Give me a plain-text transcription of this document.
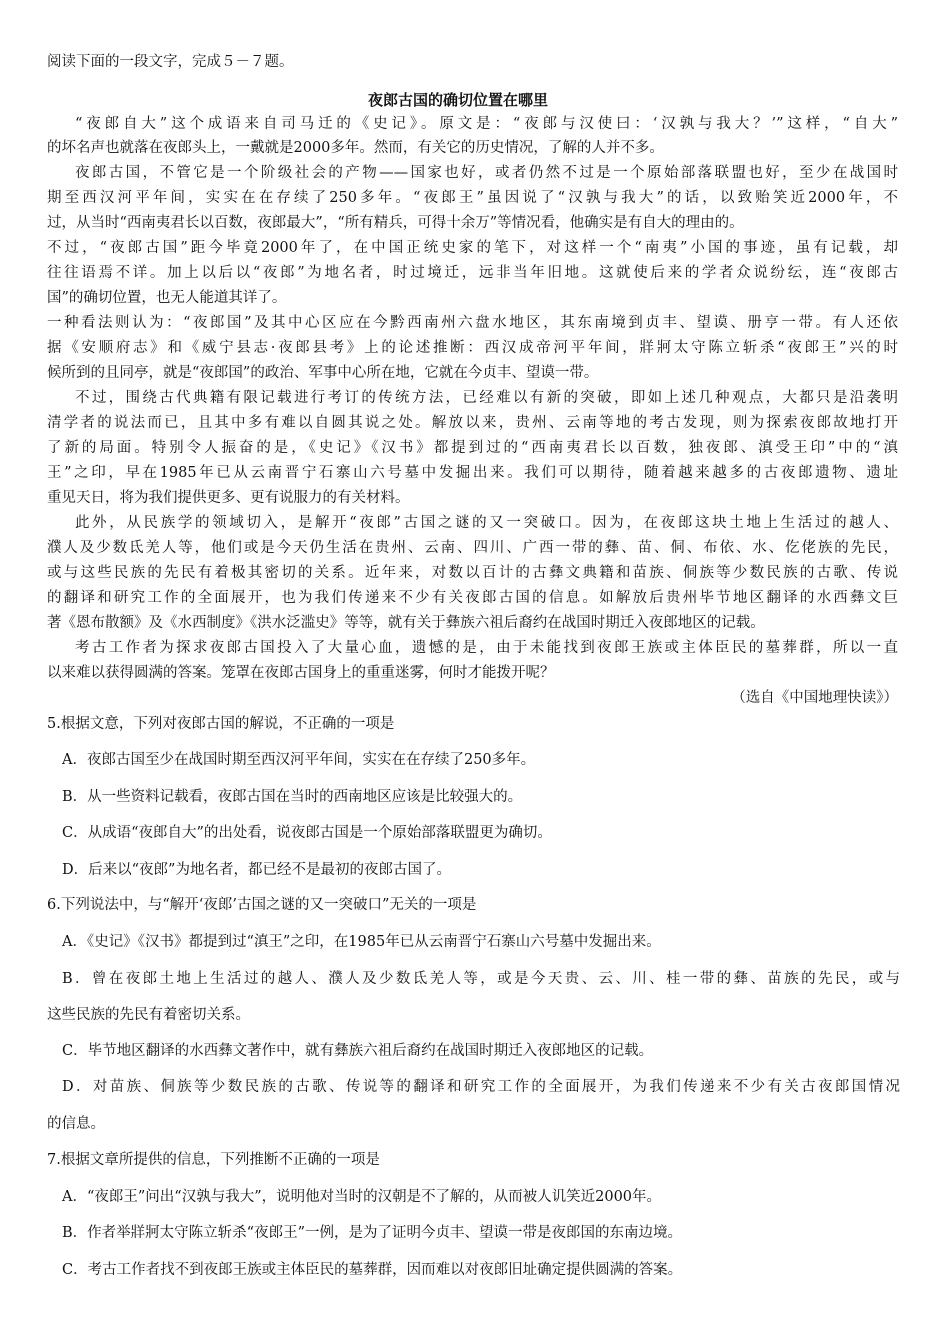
阅读下面的一段文字，完成５－７题。
夜郎古国的确切位置在哪里
“夜郎自大”这个成语来自司马迁的《史记》。原文是：“夜郎与汉使曰：‘汉孰与我大？’”这样，“自大”
的坏名声也就落在夜郎头上，一戴就是2000多年。然而，有关它的历史情况，了解的人并不多。
夜郎古国，不管它是一个阶级社会的产物——国家也好，或者仍然不过是一个原始部落联盟也好，至少在战国时
期至西汉河平年间，实实在在存续了250多年。“夜郎王”虽因说了“汉孰与我大”的话，以致贻笑近2000年，不
过，从当时“西南夷君长以百数，夜郎最大”，“所有精兵，可得十余万”等情况看，他确实是有自大的理由的。
不过，“夜郎古国”距今毕竟2000年了，在中国正统史家的笔下，对这样一个“南夷”小国的事迹，虽有记载，却
往往语焉不详。加上以后以“夜郎”为地名者，时过境迁，远非当年旧地。这就使后来的学者众说纷纭，连“夜郎古
国”的确切位置，也无人能道其详了。
一种看法则认为：“夜郎国”及其中心区应在今黔西南州六盘水地区，其东南境到贞丰、望谟、册亨一带。有人还依
据《安顺府志》和《威宁县志·夜郎县考》上的论述推断：西汉成帝河平年间，牂牁太守陈立斩杀“夜郎王”兴的时
候所到的且同亭，就是“夜郎国”的政治、军事中心所在地，它就在今贞丰、望谟一带。
不过，围绕古代典籍有限记载进行考订的传统方法，已经难以有新的突破，即如上述几种观点，大都只是沿袭明
清学者的说法而已，且其中多有难以自圆其说之处。解放以来，贵州、云南等地的考古发现，则为探索夜郎故地打开
了新的局面。特别令人振奋的是，《史记》《汉书》都提到过的“西南夷君长以百数，独夜郎、滇受王印”中的“滇
王”之印，早在1985年已从云南晋宁石寨山六号墓中发掘出来。我们可以期待，随着越来越多的古夜郎遗物、遗址
重见天日，将为我们提供更多、更有说服力的有关材料。
此外，从民族学的领域切入，是解开“夜郎”古国之谜的又一突破口。因为，在夜郎这块土地上生活过的越人、
濮人及少数氐羌人等，他们或是今天仍生活在贵州、云南、四川、广西一带的彝、苗、侗、布依、水、仡佬族的先民，
或与这些民族的先民有着极其密切的关系。近年来，对数以百计的古彝文典籍和苗族、侗族等少数民族的古歌、传说
的翻译和研究工作的全面展开，也为我们传递来不少有关夜郎古国的信息。如解放后贵州毕节地区翻译的水西彝文巨
著《恩布散额》及《水西制度》《洪水泛滥史》等等，就有关于彝族六祖后裔约在战国时期迁入夜郎地区的记载。
考古工作者为探求夜郎古国投入了大量心血，遗憾的是，由于未能找到夜郎王族或主体臣民的墓葬群，所以一直
以来难以获得圆满的答案。笼罩在夜郎古国身上的重重迷雾，何时才能拨开呢？
（选自《中国地理快读》）
5.根据文意，下列对夜郎古国的解说，不正确的一项是
A．夜郎古国至少在战国时期至西汉河平年间，实实在在存续了250多年。
B．从一些资料记载看，夜郎古国在当时的西南地区应该是比较强大的。
C．从成语“夜郎自大”的出处看，说夜郎古国是一个原始部落联盟更为确切。
D．后来以“夜郎”为地名者，都已经不是最初的夜郎古国了。
6.下列说法中，与“解开‘夜郎’古国之谜的又一突破口”无关的一项是
A．《史记》《汉书》都提到过“滇王”之印，在1985年已从云南晋宁石寨山六号墓中发掘出来。
B．曾在夜郎土地上生活过的越人、濮人及少数氐羌人等，或是今天贵、云、川、桂一带的彝、苗族的先民，或与
这些民族的先民有着密切关系。
C．毕节地区翻译的水西彝文著作中，就有彝族六祖后裔约在战国时期迁入夜郎地区的记载。
D．对苗族、侗族等少数民族的古歌、传说等的翻译和研究工作的全面展开，为我们传递来不少有关古夜郎国情况
的信息。
7.根据文章所提供的信息，下列推断不正确的一项是
A．“夜郎王”问出“汉孰与我大”，说明他对当时的汉朝是不了解的，从而被人讥笑近2000年。
B．作者举牂牁太守陈立斩杀“夜郎王”一例，是为了证明今贞丰、望谟一带是夜郎国的东南边境。
C．考古工作者找不到夜郎王族或主体臣民的墓葬群，因而难以对夜郎旧址确定提供圆满的答案。
